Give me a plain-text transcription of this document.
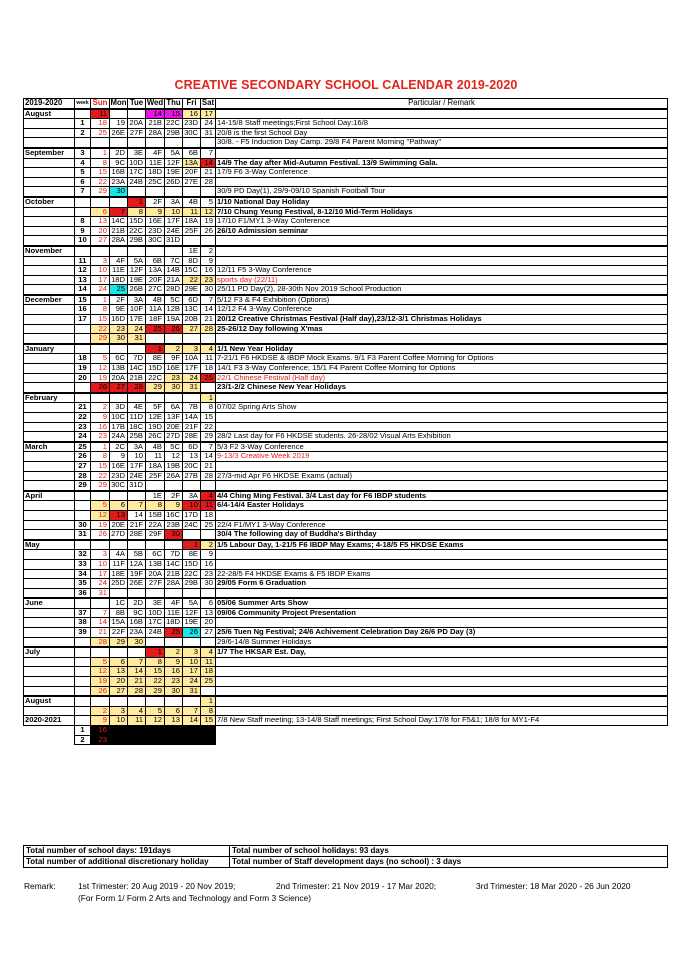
CREATIVE SECONDARY SCHOOL CALENDAR 2019-2020
2019-2020	week	Sun	Mon	Tue	Wed	Thu	Fri	Sat	Particular / Remark
August		11			14	15	16	17	
	1	18	19	20A	21B	22C	23D	24	14-15/8 Staff meetings;First School Day:16/8
	2	25	26E	27F	28A	29B	30C	31	20/8 is the first School Day
									30/8. - F5 Induction Day Camp. 29/8 F4 Parent Morning "Pathway"
September	3	1	2D	3E	4F	5A	6B	7	
	4	8	9C	10D	11E	12F	13A	14	14/9 The day after Mid-Autumn Festival. 13/9 Swimming Gala.
	5	15	16B	17C	18D	19E	20F	21	17/9 F6 3-Way Conference
	6	22	23A	24B	25C	26D	27E	28	
	7	29	30						30/9 PD Day(1), 29/9-09/10 Spanish Football Tour
October				1	2F	3A	4B	5	1/10 National Day Holiday
		6	7	8	9	10	11	12	7/10 Chung Yeung Festival, 8-12/10 Mid-Term Holidays
	8	13	14C	15D	16E	17F	18A	19	17/10 F1/MY1 3-Way Conference
	9	20	21B	22C	23D	24E	25F	26	26/10 Admission seminar
	10	27	28A	29B	30C	31D			
November							1E	2	
	11	3	4F	5A	6B	7C	8D	9	
	12	10	11E	12F	13A	14B	15C	16	12/11 F5 3-Way Conference
	13	17	18D	19E	20F	21A	22	23	sports day (22/11)
	14	24	25	26B	27C	28D	29E	30	25/11 PD Day(2), 28-30th Nov 2019 School Production
December	15	1	2F	3A	4B	5C	6D	7	5/12 F3 & F4 Exhibition (Options)
	16	8	9E	10F	11A	12B	13C	14	12/12 F4 3-Way Conference
	17	15	16D	17E	18F	19A	20B	21	20/12 Creative Christmas Festival (Half day),23/12-3/1 Christmas Holidays
		22	23	24	25	26	27	28	25-26/12 Day following X'mas
		29	30	31					
January					1	2	3	4	1/1 New Year Holiday
	18	5	6C	7D	8E	9F	10A	11	7-21/1 F6 HKDSE & IBDP Mock Exams. 9/1 F3 Parent Coffee Morning for Options
	19	12	13B	14C	15D	16E	17F	18	14/1 F3 3-Way Conference; 15/1 F4 Parent Coffee Morning for Options
	20	19	20A	21B	22C	23	24	25	22/1 Chinese Festival (Half day)
		26	27	28	29	30	31		23/1-2/2 Chinese New Year Holidays
February								1	
	21	2	3D	4E	5F	6A	7B	8	07/02 Spring Arts Show
	22	9	10C	11D	12E	13F	14A	15	
	23	16	17B	18C	19D	20E	21F	22	
	24	23	24A	25B	26C	27D	28E	29	28/2 Last day for F6 HKDSE students. 26-28/02 Visual Arts Exhibition
March	25	1	2C	3A	4B	5C	6D	7	5/3 F2 3-Way Conference
	26	8	9	10	11	12	13	14	9-13/3 Creative Week 2019
	27	15	16E	17F	18A	19B	20C	21	
	28	22	23D	24E	25F	26A	27B	28	27/3-mid Apr F6 HKDSE Exams (actual)
	29	29	30C	31D					
April					1E	2F	3A	4	4/4 Ching Ming Festival. 3/4 Last day for F6 IBDP students
		5	6	7	8	9	10	11	6/4-14/4 Easter Holidays
		12	13	14	15B	16C	17D	18	
	30	19	20E	21F	22A	23B	24C	25	22/4 F1/MY1 3-Way Conference
	31	26	27D	28E	29F	30			30/4 The following day of Buddha's Birthday
May							1	2	1/5 Labour Day, 1-21/5 F6 IBDP May Exams; 4-18/5 F5 HKDSE Exams
	32	3	4A	5B	6C	7D	8E	9	
	33	10	11F	12A	13B	14C	15D	16	
	34	17	18E	19F	20A	21B	22C	23	22-28/5 F4 HKDSE Exams & F5 IBDP Exams
	35	24	25D	26E	27F	28A	29B	30	29/05 Form 6 Graduation
	36	31							
June			1C	2D	3E	4F	5A	6	05/06 Summer Arts Show
	37	7	8B	9C	10D	11E	12F	13	09/06 Community Project Presentation
	38	14	15A	16B	17C	18D	19E	20	
	39	21	22F	23A	24B	25	26	27	25/6 Tuen Ng Festival; 24/6 Achivement Celebration Day 26/6 PD Day (3)
		28	29	30					29/6-14/8 Summer Holidays
July					1	2	3	4	1/7 The HKSAR Est. Day,
		5	6	7	8	9	10	11	
		12	13	14	15	16	17	18	
		19	20	21	22	23	24	25	
		26	27	28	29	30	31		
August								1	
		2	3	4	5	6	7	8	
2020-2021		9	10	11	12	13	14	15	7/8 New Staff meeting; 13-14/8 Staff meetings; First School Day:17/8 for F5&1; 18/8 for MY1-F4
	1	16							
	2	23							
Total number of school days: 191days	Total number of school holidays: 93 days
Total number of additional discretionary holiday	Total number of Staff development days (no school) : 3 days
Remark:	1st Trimester: 20 Aug 2019 - 20 Nov 2019;	2nd Trimester: 21 Nov 2019 - 17 Mar 2020;	3rd Trimester: 18 Mar 2020 - 26 Jun 2020
(For Form 1/ Form 2 Arts and Technology and Form 3 Science)
